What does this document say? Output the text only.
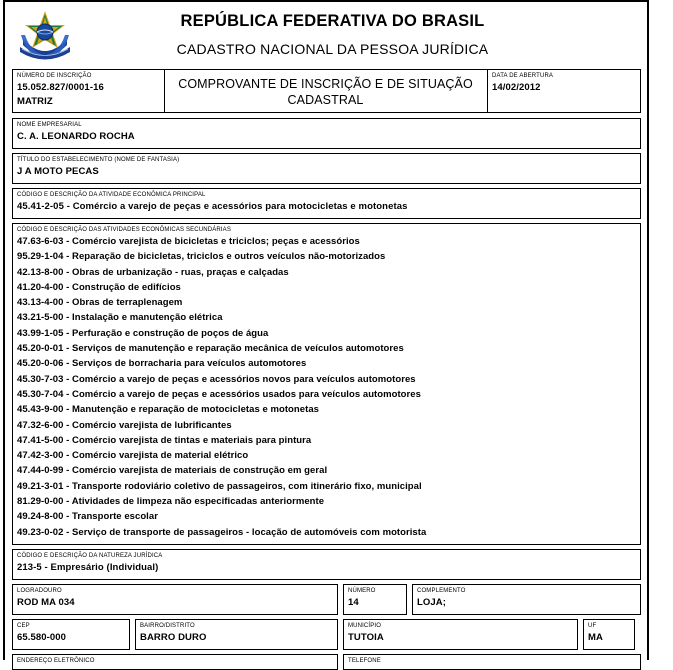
REPÚBLICA FEDERATIVA DO BRASIL
CADASTRO NACIONAL DA PESSOA JURÍDICA
NÚMERO DE INSCRIÇÃO
15.052.827/0001-16
MATRIZ
COMPROVANTE DE INSCRIÇÃO E DE SITUAÇÃO CADASTRAL
DATA DE ABERTURA
14/02/2012
NOME EMPRESARIAL
C. A. LEONARDO ROCHA
TÍTULO DO ESTABELECIMENTO (NOME DE FANTASIA)
J A MOTO PECAS
CÓDIGO E DESCRIÇÃO DA ATIVIDADE ECONÔMICA PRINCIPAL
45.41-2-05 - Comércio a varejo de peças e acessórios para motocicletas e motonetas
CÓDIGO E DESCRIÇÃO DAS ATIVIDADES ECONÔMICAS SECUNDÁRIAS
47.63-6-03 - Comércio varejista de bicicletas e triciclos; peças e acessórios
95.29-1-04 - Reparação de bicicletas, triciclos e outros veículos não-motorizados
42.13-8-00 - Obras de urbanização - ruas, praças e calçadas
41.20-4-00 - Construção de edifícios
43.13-4-00 - Obras de terraplenagem
43.21-5-00 - Instalação e manutenção elétrica
43.99-1-05 - Perfuração e construção de poços de água
45.20-0-01 - Serviços de manutenção e reparação mecânica de veículos automotores
45.20-0-06 - Serviços de borracharia para veículos automotores
45.30-7-03 - Comércio a varejo de peças e acessórios novos para veículos automotores
45.30-7-04 - Comércio a varejo de peças e acessórios usados para veículos automotores
45.43-9-00 - Manutenção e reparação de motocicletas e motonetas
47.32-6-00 - Comércio varejista de lubrificantes
47.41-5-00 - Comércio varejista de tintas e materiais para pintura
47.42-3-00 - Comércio varejista de material elétrico
47.44-0-99 - Comércio varejista de materiais de construção em geral
49.21-3-01 - Transporte rodoviário coletivo de passageiros, com itinerário fixo, municipal
81.29-0-00 - Atividades de limpeza não especificadas anteriormente
49.24-8-00 - Transporte escolar
49.23-0-02 - Serviço de transporte de passageiros - locação de automóveis com motorista
CÓDIGO E DESCRIÇÃO DA NATUREZA JURÍDICA
213-5 - Empresário (Individual)
LOGRADOURO
ROD MA 034
NÚMERO
14
COMPLEMENTO
LOJA;
CEP
65.580-000
BAIRRO/DISTRITO
BARRO DURO
MUNICÍPIO
TUTOIA
UF
MA
ENDEREÇO ELETRÔNICO	TELEFONE
